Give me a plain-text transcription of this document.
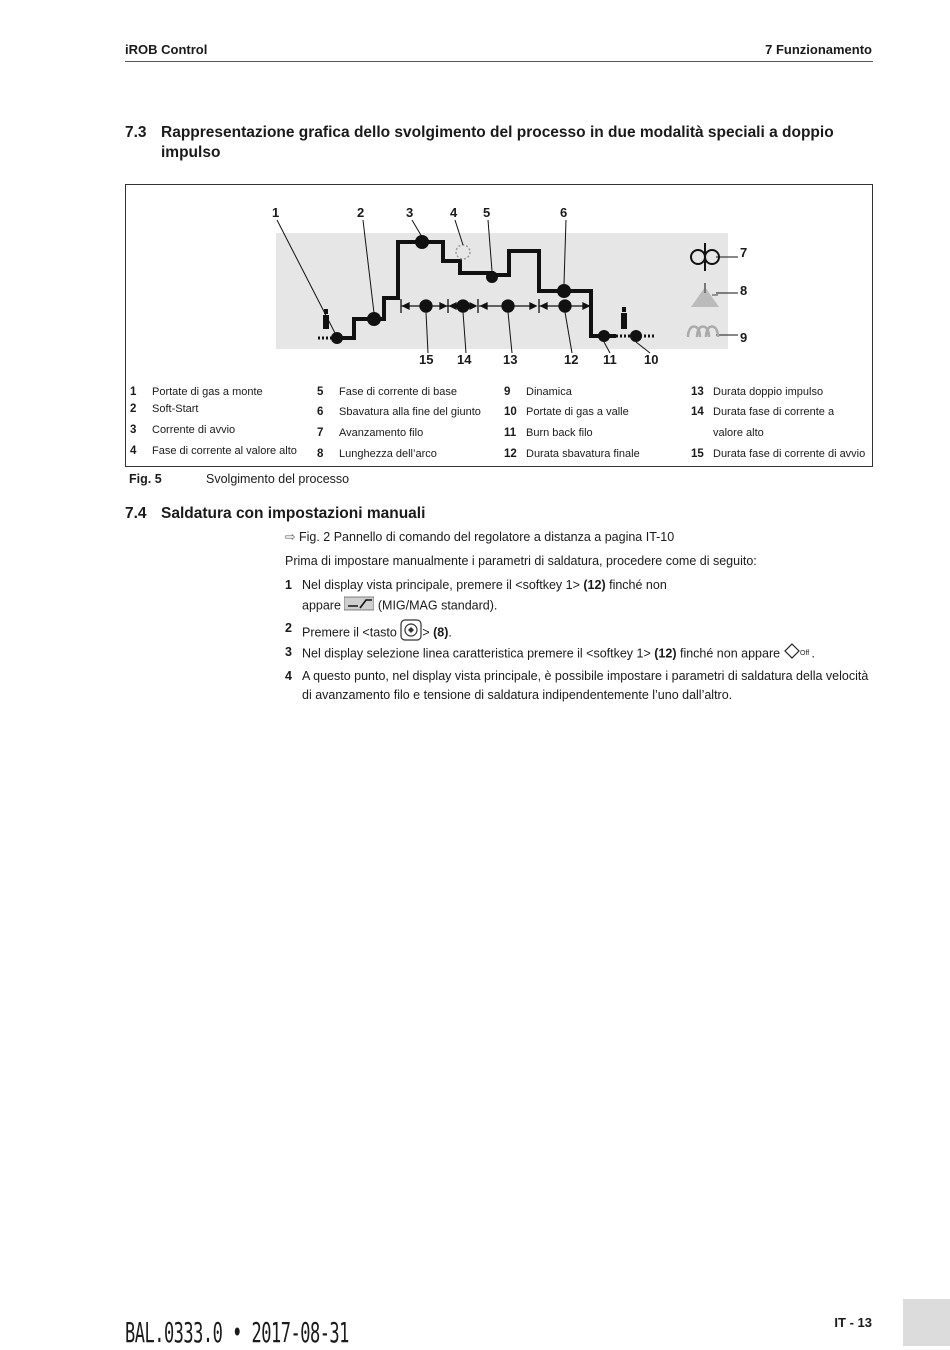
iROB Control	7 Funzionamento
7.3 Rappresentazione grafica dello svolgimento del processo in due modalità speciali a doppio
impulso
1	2	3	4 5	6
15 14 13	12 11 10
7
8
9
1 Portate di gas a monte
2 Soft-Start
3 Corrente di avvio
4 Fase di corrente al valore alto
5 Fase di corrente di base
6 Sbavatura alla fine del giunto
7 Avanzamento filo
8 Lunghezza dell’arco
9 Dinamica
10 Portate di gas a valle
11 Burn back filo
12 Durata sbavatura finale
13 Durata doppio impulso
14 Durata fase di corrente a
valore alto
15 Durata fase di corrente di avvio
Fig. 5	Svolgimento del processo
7.4 Saldatura con impostazioni manuali
⇨ Fig. 2 Pannello di comando del regolatore a distanza a pagina IT-10
Prima di impostare manualmente i parametri di saldatura, procedere come di seguito:
1 Nel display vista principale, premere il <softkey 1> (12) finché non
appare  (MIG/MAG standard).
2 Premere il <tasto > (8).
3 Nel display selezione linea caratteristica premere il <softkey 1> (12) finché non appare Off .
4 A questo punto, nel display vista principale, è possibile impostare i parametri di saldatura della velocità
di avanzamento filo e tensione di saldatura indipendentemente l’uno dall’altro.
BAL.0333.0 • 2017-08-31	IT - 13
